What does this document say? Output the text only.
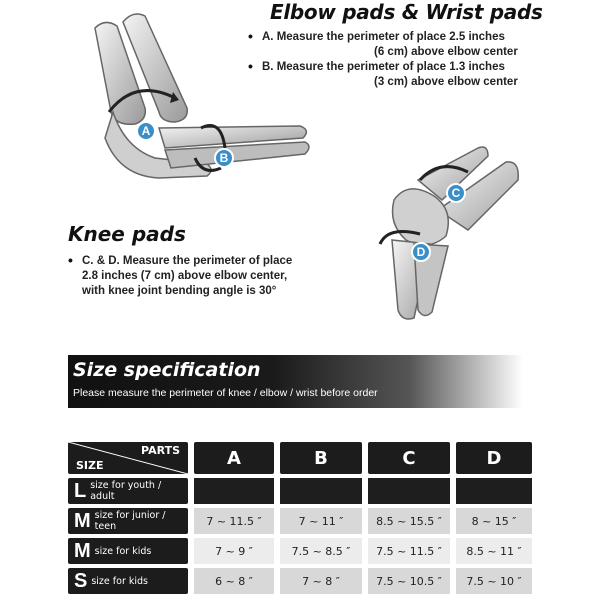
A
B
C
D
Elbow pads & Wrist pads
• A. Measure the perimeter of place 2.5 inches
(6 cm) above elbow center
• B. Measure the perimeter of place 1.3 inches
(3 cm) above elbow center
Knee pads
• C. & D. Measure the perimeter of place
2.8 inches (7 cm) above elbow center,
with knee joint bending angle is 30°
Size specification
Please measure the perimeter of knee / elbow / wrist before order
PARTS
SIZE	A	B	C	D
L size for youth / adult
M size for junior / teen	7 ~ 11.5 ″	7 ~ 11 ″	8.5 ~ 15.5 ″	8 ~ 15 ″
M size for kids	7 ~ 9 ″	7.5 ~ 8.5 ″	7.5 ~ 11.5 ″	8.5 ~ 11 ″
S size for kids	6 ~ 8 ″	7 ~ 8 ″	7.5 ~ 10.5 ″	7.5 ~ 10 ″
